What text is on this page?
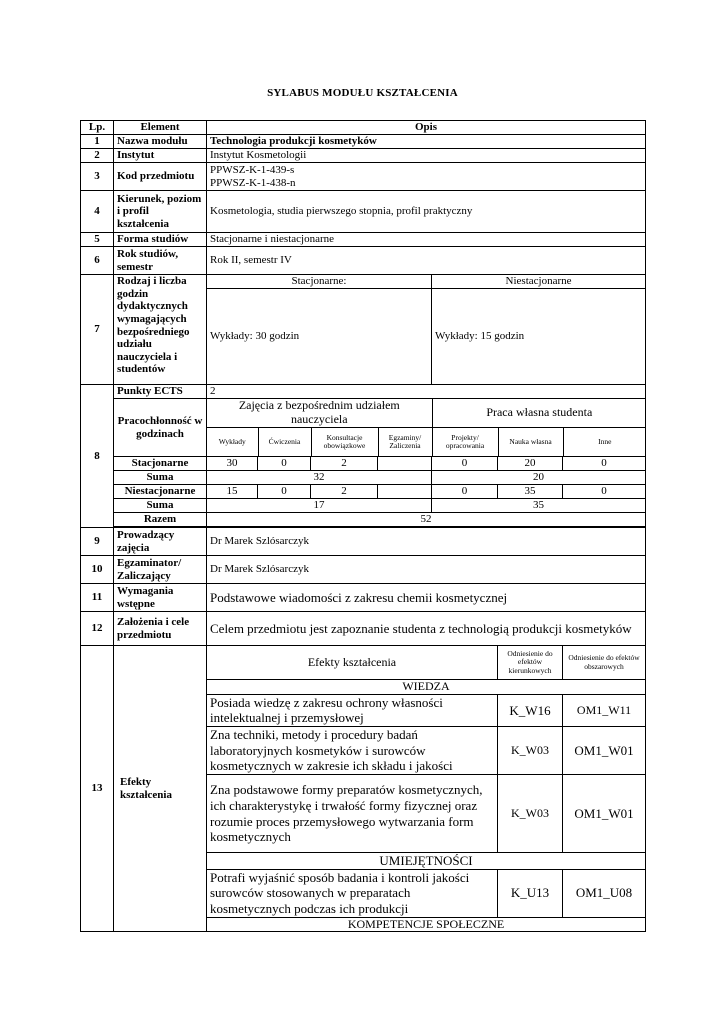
SYLABUS MODUŁU KSZTAŁCENIA
Lp.	Element	Opis
1	Nazwa modułu	Technologia produkcji kosmetyków
2	Instytut	Instytut Kosmetologii
3	Kod przedmiotu	
PPWSZ-K-1-439-s
PPWSZ-K-1-438-n

4	Kierunek, poziom i profil kształcenia	Kosmetologia, studia pierwszego stopnia, profil praktyczny
5	Forma studiów	Stacjonarne i niestacjonarne
6	Rok studiów, semestr	Rok II, semestr IV
7	Rodzaj i liczba godzin dydaktycznych wymagających bezpośredniego udziału nauczyciela i studentów	Stacjonarne:	Niestacjonarne
Wykłady: 30 godzin	Wykłady: 15 godzin
8	Punkty ECTS	2
Pracochłonność w godzinach	
Zajęcia z bezpośrednim udziałem nauczyciela	Praca własna studenta
Wykłady	Ćwiczenia	Konsultacje obowiązkowe	Egzaminy/ Zaliczenia	Projekty/ opracowania	Nauka własna	Inne

Stacjonarne	30	0	2		0	20	0
Suma	32	20
Niestacjonarne	15	0	2		0	35	0
Suma	17	35
Razem	52

9	Prowadzący zajęcia	Dr Marek Szlósarczyk
10	Egzaminator/ Zaliczający	Dr Marek Szlósarczyk
11	Wymagania wstępne	Podstawowe wiadomości z zakresu chemii kosmetycznej
12	Założenia i cele przedmiotu	Celem przedmiotu jest zapoznanie studenta z technologią produkcji kosmetyków
13	Efekty kształcenia	Efekty kształcenia	Odniesienie do efektów kierunkowych	Odniesienie do efektów obszarowych
WIEDZA
Posiada wiedzę z zakresu ochrony własności intelektualnej i przemysłowej	K_W16	OM1_W11
Zna techniki, metody i procedury badań laboratoryjnych kosmetyków i surowców kosmetycznych w zakresie ich składu i jakości	K_W03	OM1_W01
Zna podstawowe formy preparatów kosmetycznych, ich charakterystykę i trwałość formy fizycznej oraz rozumie proces przemysłowego wytwarzania form kosmetycznych	K_W03	OM1_W01
UMIEJĘTNOŚCI
Potrafi wyjaśnić sposób badania i kontroli jakości surowców stosowanych w preparatach kosmetycznych podczas ich produkcji	K_U13	OM1_U08
KOMPETENCJE SPOŁECZNE
